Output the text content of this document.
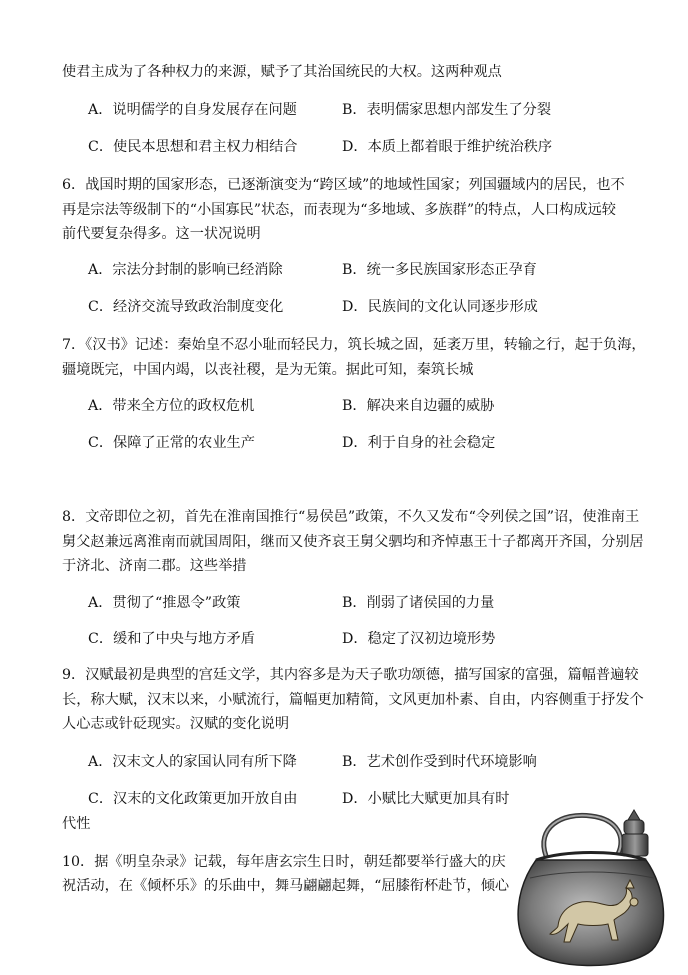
使君主成为了各种权力的来源，赋予了其治国统民的大权。这两种观点
A．说明儒学的自身发展存在问题	B．表明儒家思想内部发生了分裂
C．使民本思想和君主权力相结合	D．本质上都着眼于维护统治秩序
6．战国时期的国家形态，已逐渐演变为“跨区域”的地域性国家；列国疆域内的居民，也不
再是宗法等级制下的“小国寡民”状态，而表现为“多地域、多族群”的特点，人口构成远较
前代要复杂得多。这一状况说明
A．宗法分封制的影响已经消除	B．统一多民族国家形态正孕育
C．经济交流导致政治制度变化	D．民族间的文化认同逐步形成
7．《汉书》记述：秦始皇不忍小耻而轻民力，筑长城之固，延袤万里，转输之行，起于负海，
疆境既完，中国内竭，以丧社稷，是为无策。据此可知，秦筑长城
A．带来全方位的政权危机	B．解决来自边疆的威胁
C．保障了正常的农业生产	D．利于自身的社会稳定
8．文帝即位之初，首先在淮南国推行“易侯邑”政策，不久又发布“令列侯之国”诏，使淮南王
舅父赵兼远离淮南而就国周阳，继而又使齐哀王舅父驷均和齐悼惠王十子都离开齐国，分别居
于济北、济南二郡。这些举措
A．贯彻了“推恩令”政策	B．削弱了诸侯国的力量
C．缓和了中央与地方矛盾	D．稳定了汉初边境形势
9．汉赋最初是典型的宫廷文学，其内容多是为天子歌功颂德，描写国家的富强，篇幅普遍较
长，称大赋，汉末以来，小赋流行，篇幅更加精简，文风更加朴素、自由，内容侧重于抒发个
人心志或针砭现实。汉赋的变化说明
A．汉末文人的家国认同有所下降	B．艺术创作受到时代环境影响
C．汉末的文化政策更加开放自由	D．小赋比大赋更加具有时
代性
10．据《明皇杂录》记载，每年唐玄宗生日时，朝廷都要举行盛大的庆
祝活动，在《倾杯乐》的乐曲中，舞马翩翩起舞，“屈膝衔杯赴节，倾心
